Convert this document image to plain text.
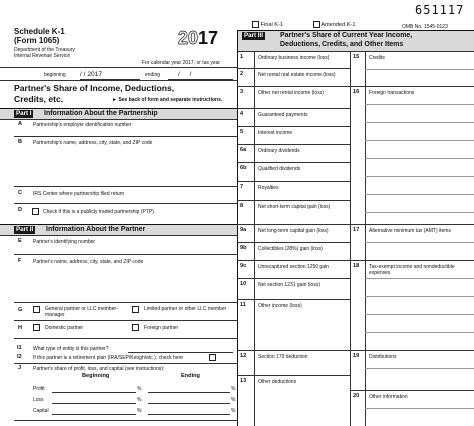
651117
Final K-1	Amended K-1	OMB No. 1545-0123
Schedule K-1
(Form 1065)
Department of the Treasury
Internal Revenue Service
20 17
For calendar year 2017, or tax year
beginning / / 2017	ending	/ /
Partner's Share of Income, Deductions,
Credits, etc.	► See back of form and separate instructions.
Part I Information About the Partnership
A Partnership's employer identification number
B Partnership's name, address, city, state, and ZIP code
C IRS Center where partnership filed return
D	Check if this is a publicly traded partnership (PTP)
Part II Information About the Partner
E Partner's identifying number
F Partner's name, address, city, state, and ZIP code
G	General partner or LLC member-manager
Limited partner or other LLC member
H	Domestic partner	Foreign partner
I1 What type of entity is this partner?
I2 If this partner is a retirement plan (IRA/SEP/Keogh/etc.), check here
J Partner's share of profit, loss, and capital (see instructions):
Beginning	Ending
Profit	%	%
Loss	%	%
Capital	%	%
Part III Partner's Share of Current Year Income,
Deductions, Credits, and Other Items
1	Ordinary business income (loss)
2	Net rental real estate income (loss)
3	Other net rental income (loss)
4	Guaranteed payments
5	Interest income
6a Ordinary dividends
6b Qualified dividends
7	Royalties
8	Net short-term capital gain (loss)
9a Net long-term capital gain (loss)
9b Collectibles (28%) gain (loss)
9c Unrecaptured section 1250 gain
10 Net section 1231 gain (loss)
11 Other income (loss)
12 Section 179 deduction
13 Other deductions
15 Credits
16 Foreign transactions
17 Alternative minimum tax (AMT) items
18 Tax-exempt income and nondeductible expenses
19 Distributions
20 Other information
